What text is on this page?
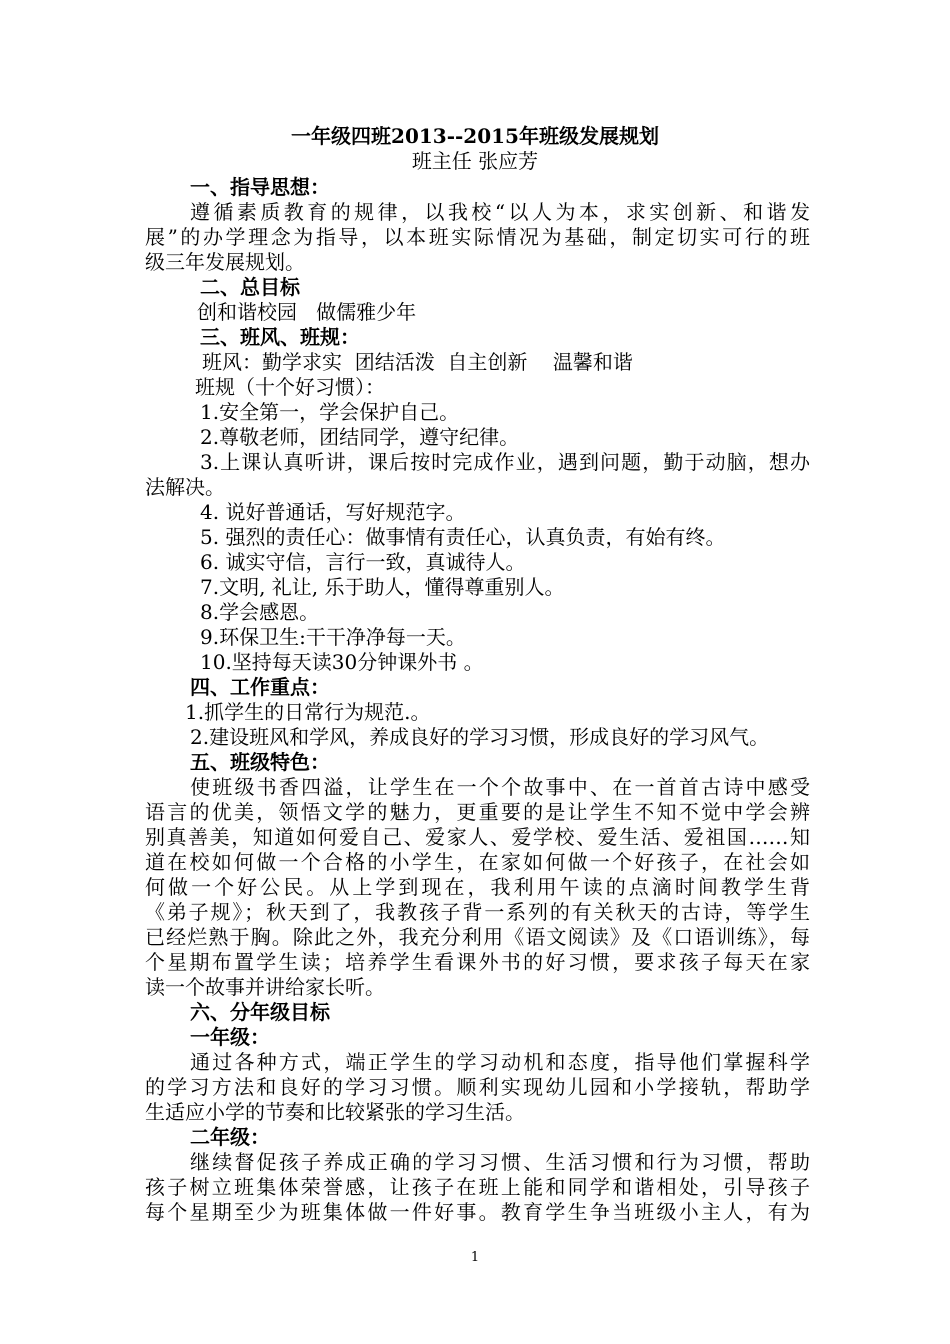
一年级四班2013--2015年班级发展规划

班主任 张应芳

一、指导思想：

遵循素质教育的规律，以我校“以人为本，求实创新、和谐发

展”的办学理念为指导，以本班实际情况为基础，制定切实可行的班

级三年发展规划。

二、总目标

创和谐校园   做儒雅少年

三、班风、班规：

班风：勤学求实  团结活泼  自主创新    温馨和谐

班规（十个好习惯）：

1.安全第一，学会保护自己。

2.尊敬老师，团结同学，遵守纪律。

3.上课认真听讲，课后按时完成作业，遇到问题，勤于动脑，想办

法解决。

4. 说好普通话，写好规范字。

5. 强烈的责任心：做事情有责任心，认真负责，有始有终。

6. 诚实守信，言行一致，真诚待人。

7.文明, 礼让, 乐于助人，懂得尊重别人。

8.学会感恩。

9.环保卫生:干干净净每一天。

10.坚持每天读30分钟课外书 。

四、工作重点：

1.抓学生的日常行为规范.。

2.建设班风和学风，养成良好的学习习惯，形成良好的学习风气。

五、班级特色：

使班级书香四溢，让学生在一个个故事中、在一首首古诗中感受

语言的优美，领悟文学的魅力，更重要的是让学生不知不觉中学会辨

别真善美，知道如何爱自己、爱家人、爱学校、爱生活、爱祖国……知

道在校如何做一个合格的小学生，在家如何做一个好孩子，在社会如

何做一个好公民。从上学到现在，我利用午读的点滴时间教学生背

《弟子规》；秋天到了，我教孩子背一系列的有关秋天的古诗，等学生

已经烂熟于胸。除此之外，我充分利用《语文阅读》及《口语训练》，每

个星期布置学生读；培养学生看课外书的好习惯，要求孩子每天在家

读一个故事并讲给家长听。

六、分年级目标

一年级：

通过各种方式，端正学生的学习动机和态度，指导他们掌握科学

的学习方法和良好的学习习惯。顺利实现幼儿园和小学接轨，帮助学

生适应小学的节奏和比较紧张的学习生活。

二年级：

继续督促孩子养成正确的学习习惯、生活习惯和行为习惯，帮助

孩子树立班集体荣誉感，让孩子在班上能和同学和谐相处，引导孩子

每个星期至少为班集体做一件好事。教育学生争当班级小主人，有为

1
